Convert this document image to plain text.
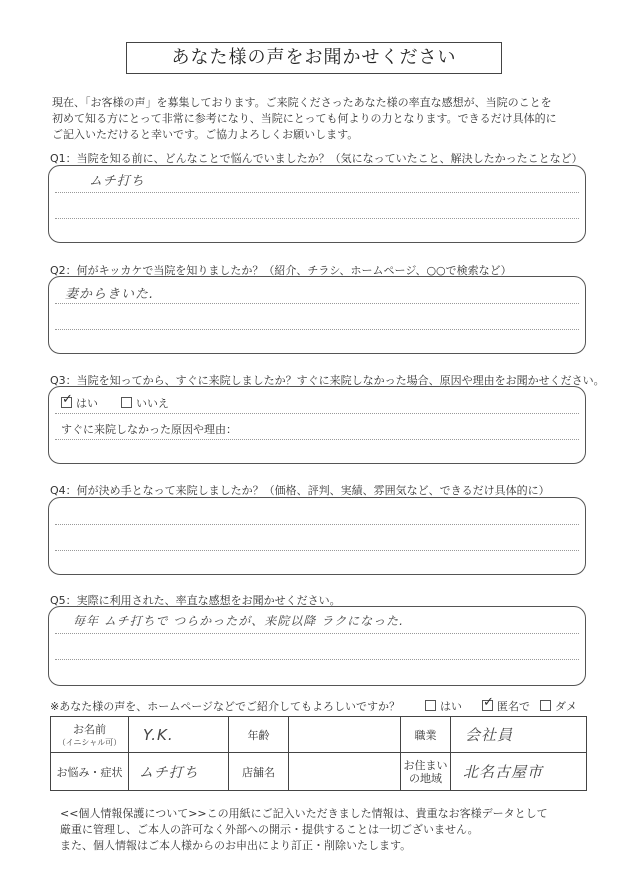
あなた様の声をお聞かせください
現在、「お客様の声」を募集しております。ご来院くださったあなた様の率直な感想が、当院のことを
初めて知る方にとって非常に参考になり、当院にとっても何よりの力となります。できるだけ具体的に
ご記入いただけると幸いです。ご協力よろしくお願いします。
Q1：当院を知る前に、どんなことで悩んでいましたか？（気になっていたこと、解決したかったことなど）
ムチ打ち
Q2：何がキッカケで当院を知りましたか？（紹介、チラシ、ホームページ、○○で検索など）
妻からきいた.
Q3：当院を知ってから、すぐに来院しましたか？すぐに来院しなかった場合、原因や理由をお聞かせください。
✓ はい	いいえ
すぐに来院しなかった原因や理由：
Q4：何が決め手となって来院しましたか？（価格、評判、実績、雰囲気など、できるだけ具体的に）
Q5：実際に利用された、率直な感想をお聞かせください。
毎年 ムチ打ちで つらかったが、来院以降 ラクになった.
※あなた様の声を、ホームページなどでご紹介してもよろしいですか？	はい ✓ 匿名で	ダメ
お名前
（イニシャル可）	Y.K.	年齢		職業	会社員
お悩み・症状	ムチ打ち	店舗名		お住まい
の地域	北名古屋市
<<個人情報保護について>>この用紙にご記入いただきました情報は、貴重なお客様データとして
厳重に管理し、ご本人の許可なく外部への開示・提供することは一切ございません。
また、個人情報はご本人様からのお申出により訂正・削除いたします。
